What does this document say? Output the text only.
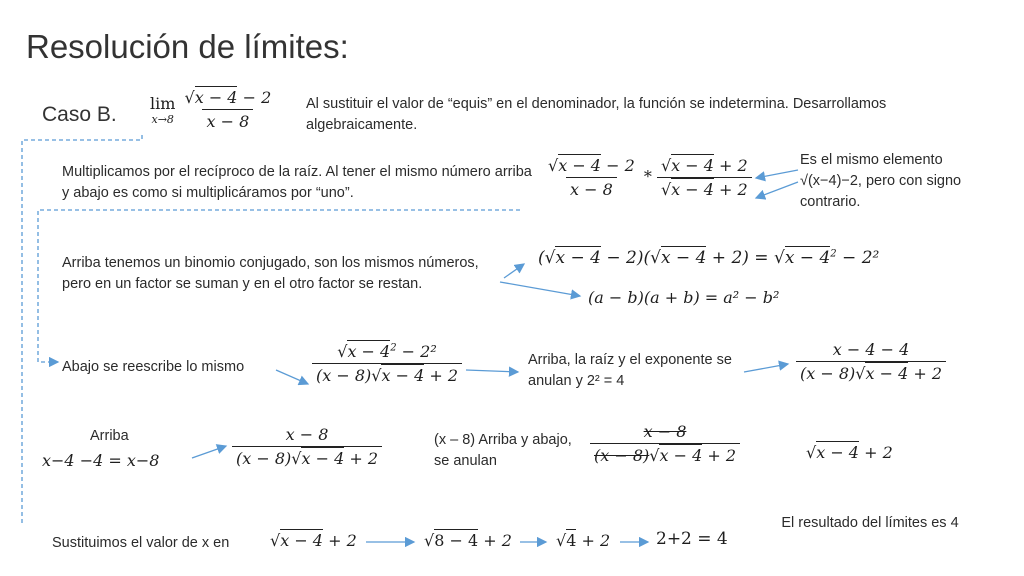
Resolución de límites:
Caso B. lim
x→8
$\frac{√x - 4 - 2}{x - 8}$ Al sustituir el valor de “equis” en el denominador, la función se indetermina. Desarrollamos algebraicamente.
Multiplicamos por el recíproco de la raíz. Al tener el mismo número arriba y abajo es como si multiplicáramos por “uno”.	$\frac{√x - 4 - 2}{x - 8} * \frac{√x - 4 + 2}{√x - 4 + 2}$	Es el mismo elemento √(x−4)−2, pero con signo contrario.
Arriba tenemos un binomio conjugado, son los mismos números, pero en un factor se suman y en el otro factor se restan.
$(√x - 4 - 2)(√x - 4 + 2) = √x - 4^2 - 2^2$
(a − b)(a + b) = a² − b²
Abajo se reescribe lo mismo	$\frac{√x - 4^2 - 2^2}{(x - 8)√x - 4 + 2}$	Arriba, la raíz y el exponente se anulan y 2² = 4	$\frac{x - 4 - 4}{(x - 8)√x - 4 + 2}$
Arriba
x−4 −4 = x−8	$\frac{x - 8}{(x - 8)√x - 4 + 2}$	(x – 8) Arriba y abajo, se anulan	$\frac{x - 8}{(x - 8)√x - 4 + 2}$	√x − 4 + 2
El resultado del límites es 4
Sustituimos el valor de x en	√x − 4 + 2	√8 − 4 + 2	√4 + 2	2+2 = 4
